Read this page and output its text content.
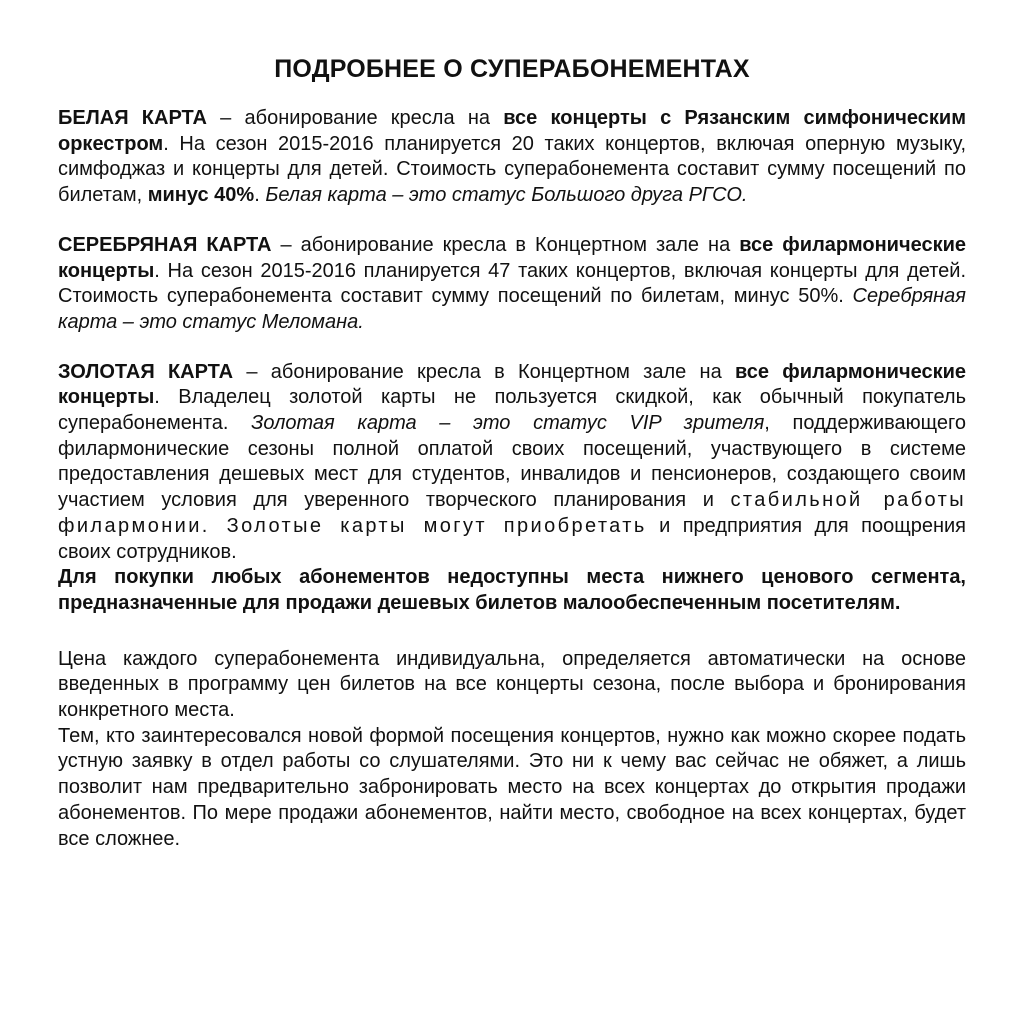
ПОДРОБНЕЕ О СУПЕРАБОНЕМЕНТАХ

БЕЛАЯ КАРТА – абонирование кресла на все концерты с Рязанским симфоническим оркестром. На сезон 2015-2016 планируется 20 таких концертов, включая оперную музыку, симфоджаз и концерты для детей. Стоимость суперабонемента составит сумму посещений по билетам, минус 40%. Белая карта – это статус Большого друга РГСО.

СЕРЕБРЯНАЯ КАРТА – абонирование кресла в Концертном зале на все филармонические концерты. На сезон 2015-2016 планируется 47 таких концертов, включая концерты для детей. Стоимость суперабонемента составит сумму посещений по билетам, минус 50%. Серебряная карта – это статус Меломана.

ЗОЛОТАЯ КАРТА – абонирование кресла в Концертном зале на все филармонические концерты. Владелец золотой карты не пользуется скидкой, как обычный покупатель суперабонемента. Золотая карта – это статус VIP зрителя, поддерживающего филармонические сезоны полной оплатой своих посещений, участвующего в системе предоставления дешевых мест для студентов, инвалидов и пенсионеров, создающего своим участием условия для уверенного творческого планирования и стабильной работы филармонии. Золотые карты могут приобретать и предприятия для поощрения своих сотрудников.

Для покупки любых абонементов недоступны места нижнего ценового сегмента, предназначенные для продажи дешевых билетов малообеспеченным посетителям.

Цена каждого суперабонемента индивидуальна, определяется автоматически на основе введенных в программу цен билетов на все концерты сезона, после выбора и бронирования конкретного места.

Тем, кто заинтересовался новой формой посещения концертов, нужно как можно скорее подать устную заявку в отдел работы со слушателями. Это ни к чему вас сейчас не обяжет, а лишь позволит нам предварительно забронировать место на всех концертах до открытия продажи абонементов. По мере продажи абонементов, найти место, свободное на всех концертах, будет все сложнее.
